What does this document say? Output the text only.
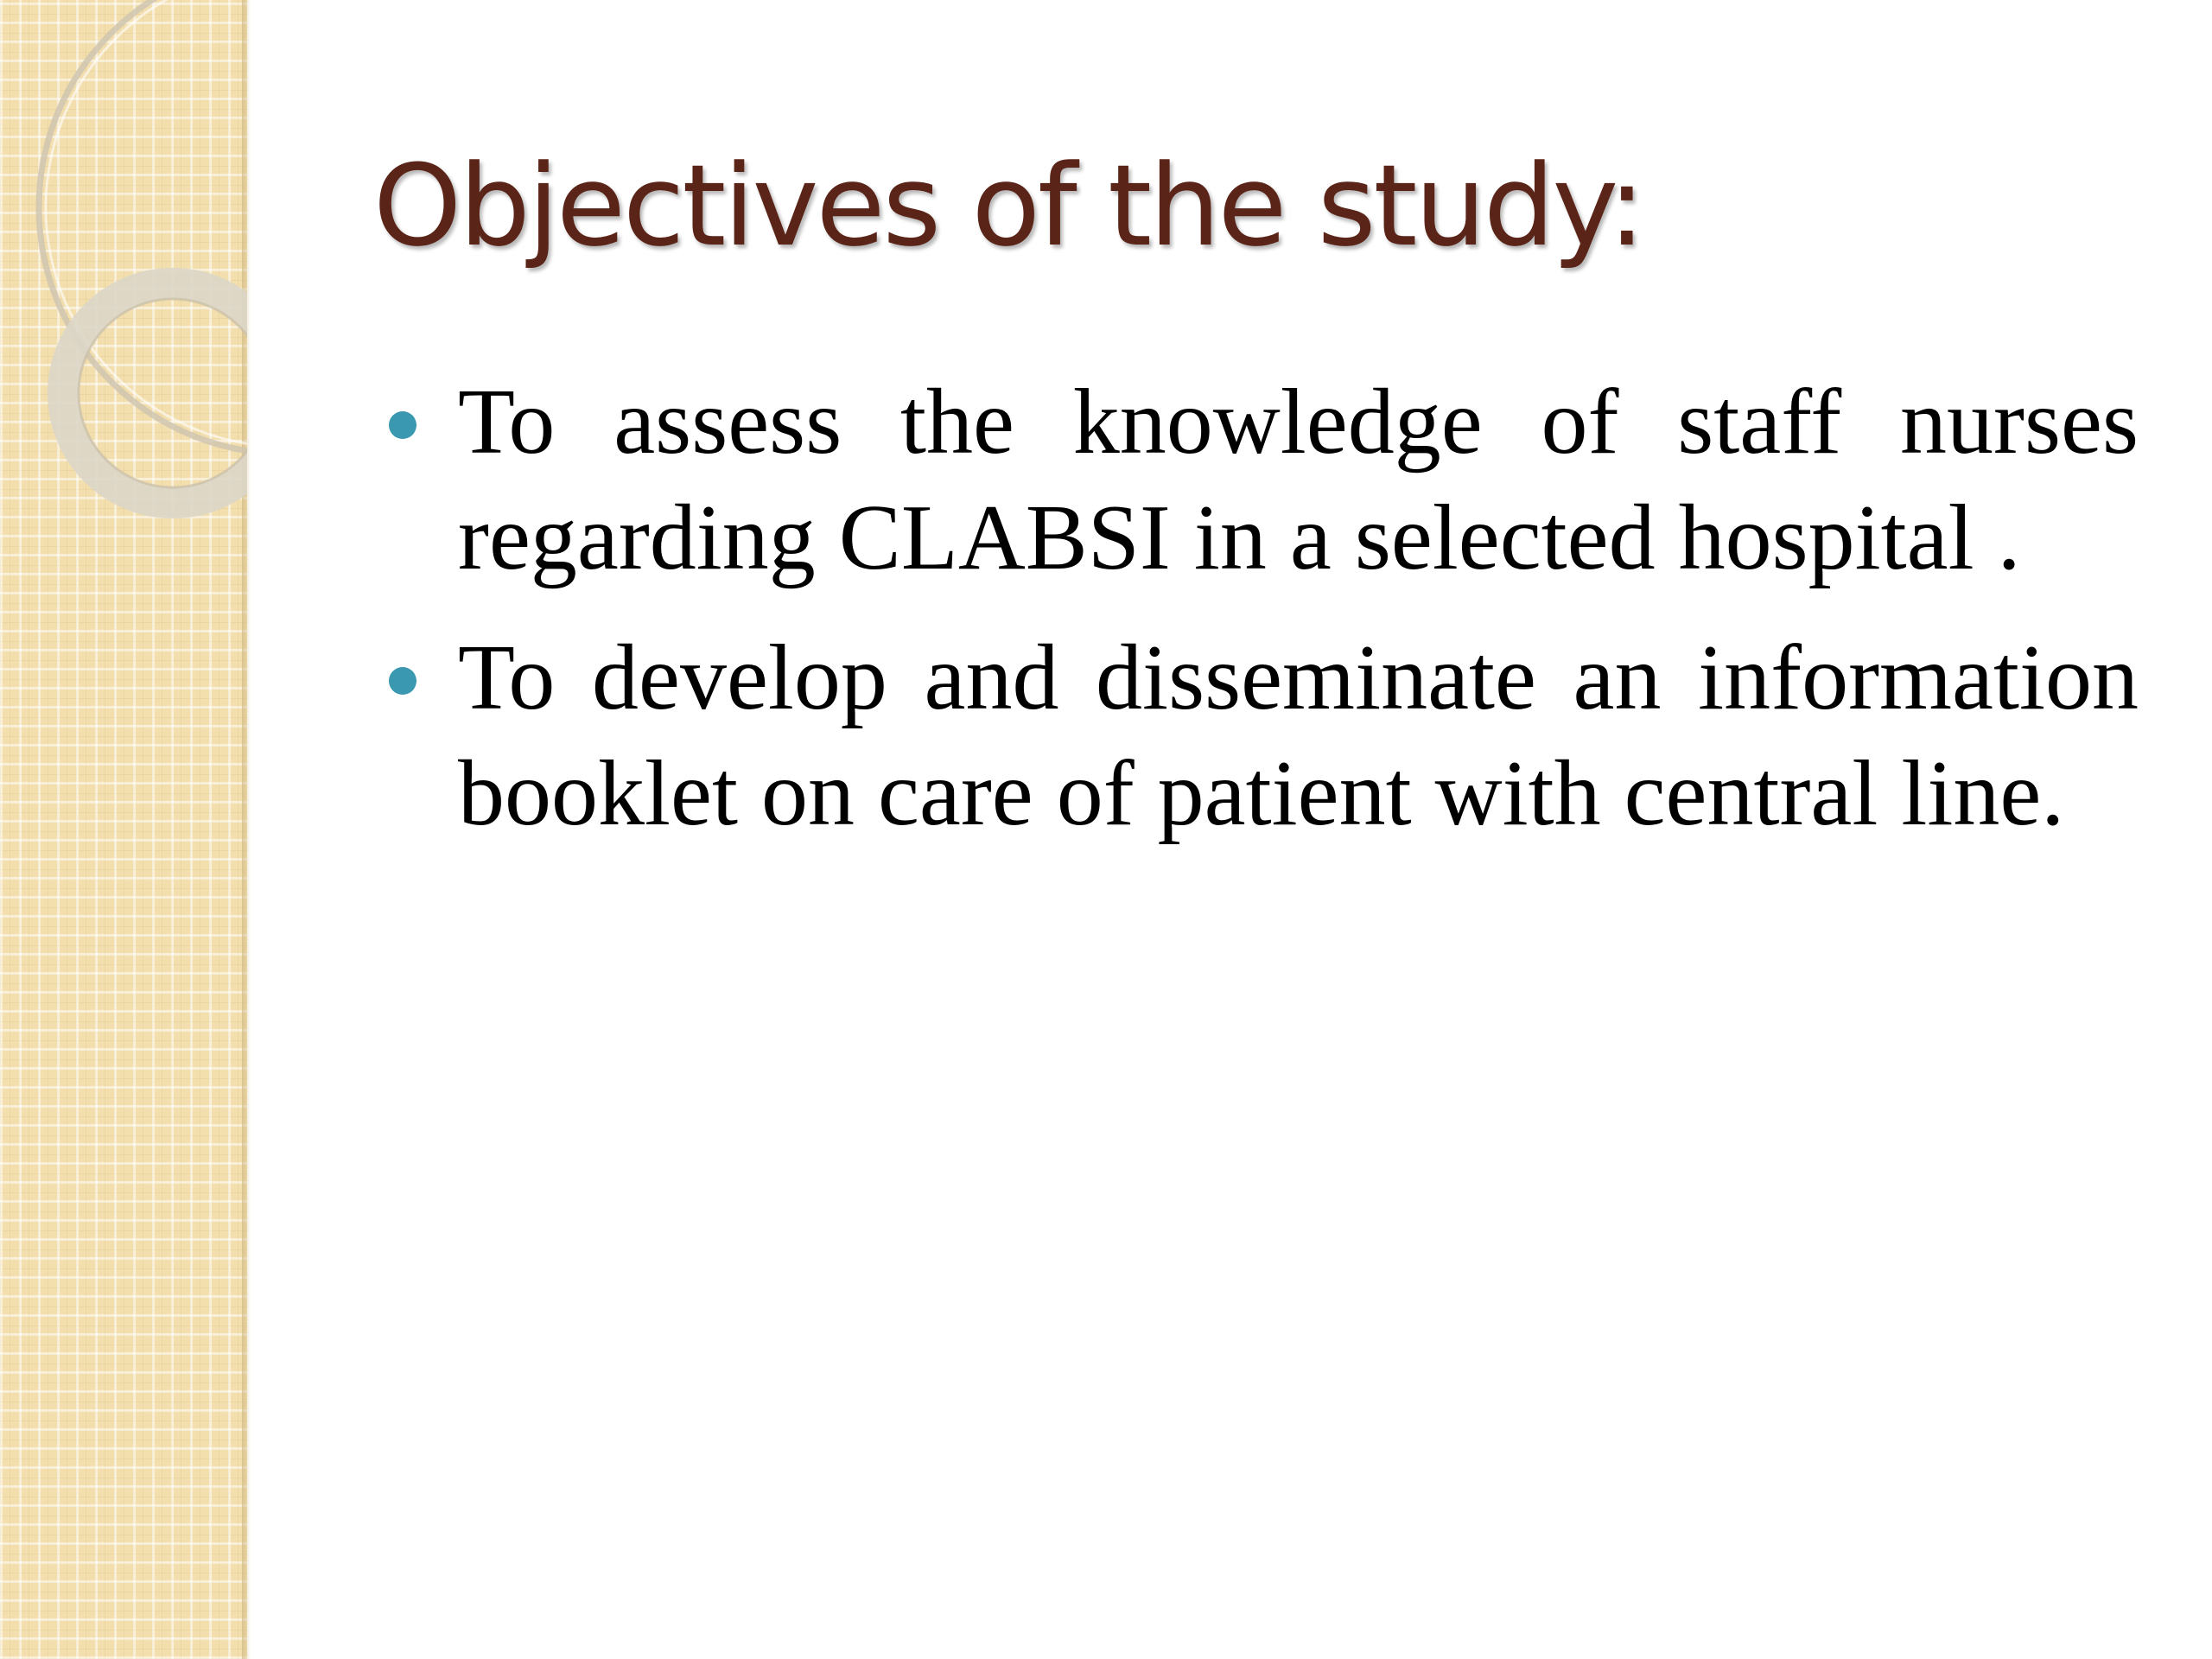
Objectives of the study:
To assess the knowledge of staff nurses regarding CLABSI in a selected hospital .
To develop and disseminate an information booklet on care of patient with central line.
